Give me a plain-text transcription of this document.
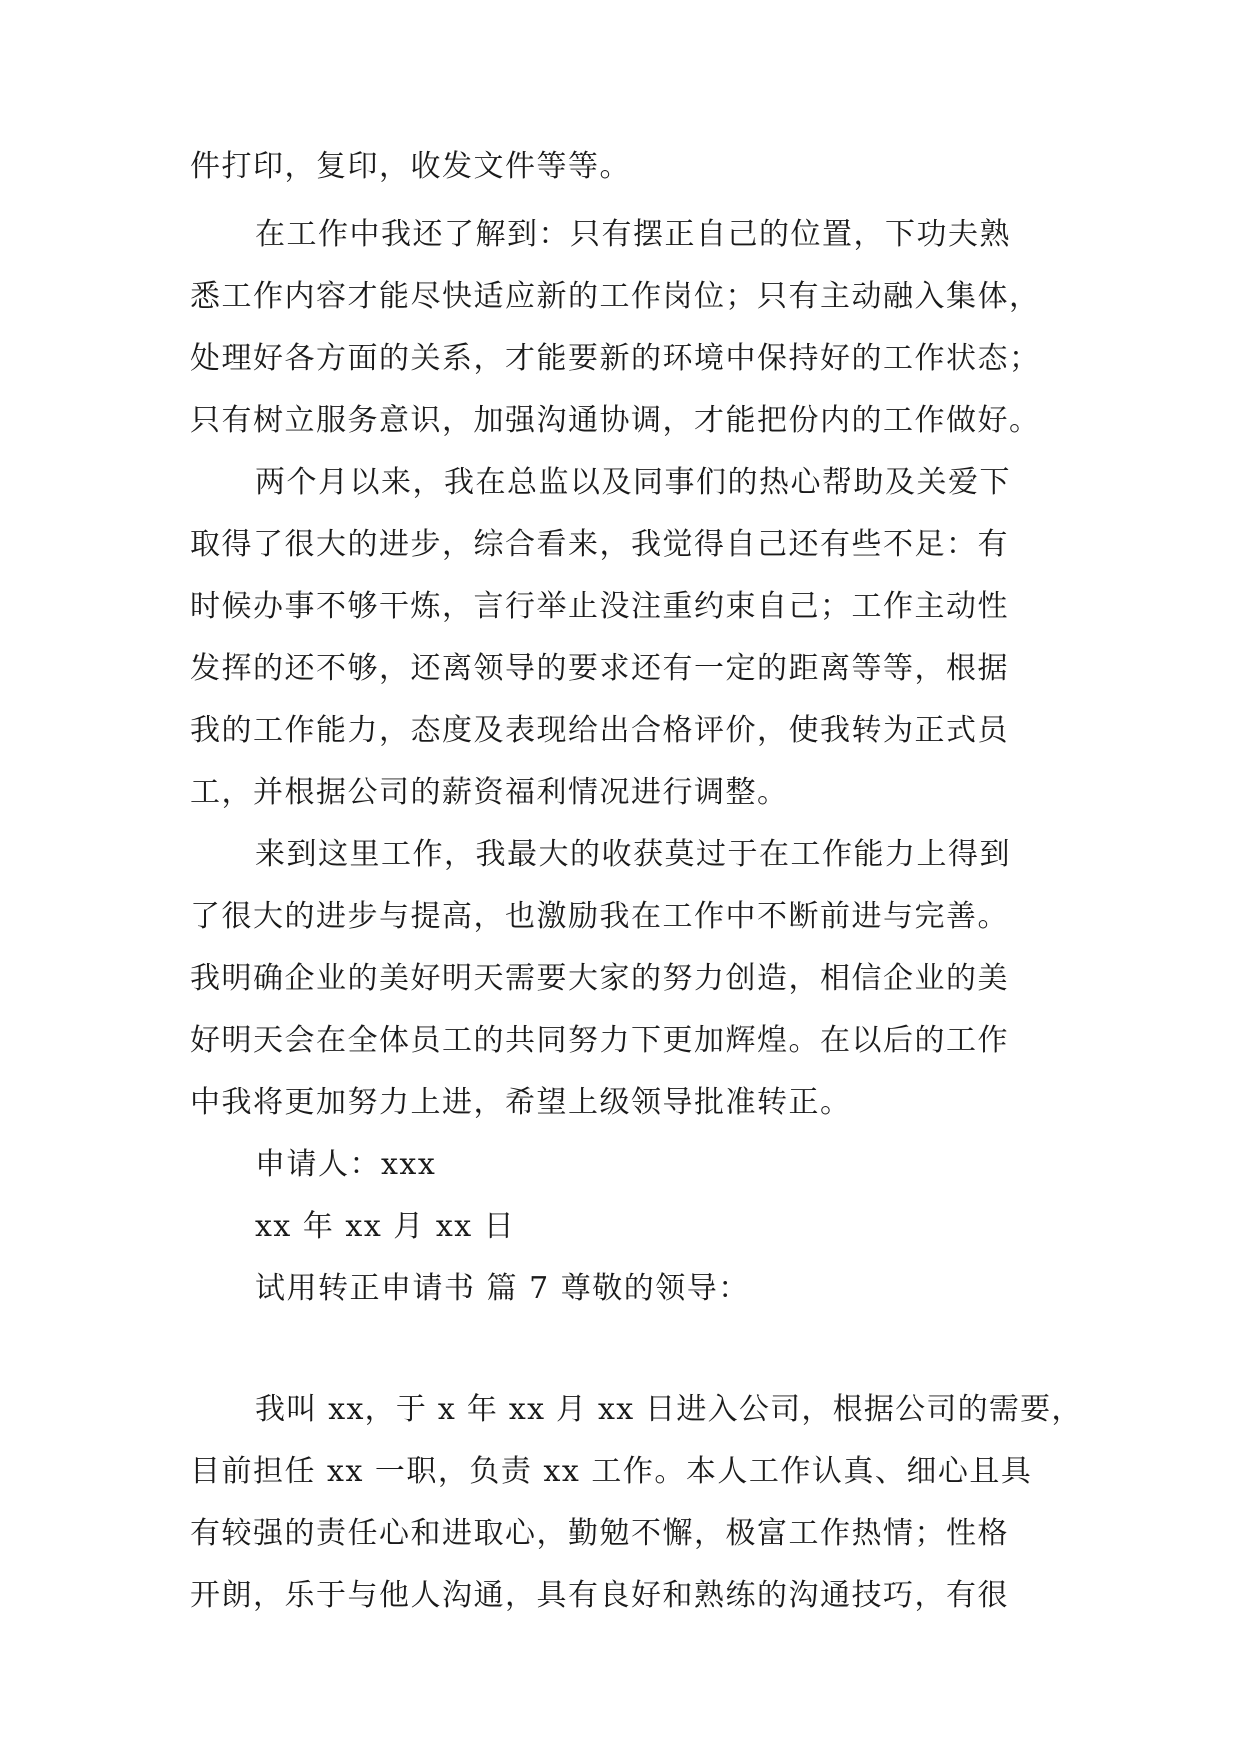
件打印，复印，收发文件等等。
在工作中我还了解到：只有摆正自己的位置，下功夫熟
悉工作内容才能尽快适应新的工作岗位；只有主动融入集体，
处理好各方面的关系，才能要新的环境中保持好的工作状态；
只有树立服务意识，加强沟通协调，才能把份内的工作做好。
两个月以来，我在总监以及同事们的热心帮助及关爱下
取得了很大的进步，综合看来，我觉得自己还有些不足：有
时候办事不够干炼，言行举止没注重约束自己；工作主动性
发挥的还不够，还离领导的要求还有一定的距离等等，根据
我的工作能力，态度及表现给出合格评价，使我转为正式员
工，并根据公司的薪资福利情况进行调整。
来到这里工作，我最大的收获莫过于在工作能力上得到
了很大的进步与提高，也激励我在工作中不断前进与完善。
我明确企业的美好明天需要大家的努力创造，相信企业的美
好明天会在全体员工的共同努力下更加辉煌。在以后的工作
中我将更加努力上进，希望上级领导批准转正。
申请人：xxx
xx 年 xx 月 xx 日
试用转正申请书 篇 7 尊敬的领导：
我叫 xx，于 x 年 xx 月 xx 日进入公司，根据公司的需要，
目前担任 xx 一职，负责 xx 工作。本人工作认真、细心且具
有较强的责任心和进取心，勤勉不懈，极富工作热情；性格
开朗，乐于与他人沟通，具有良好和熟练的沟通技巧，有很
